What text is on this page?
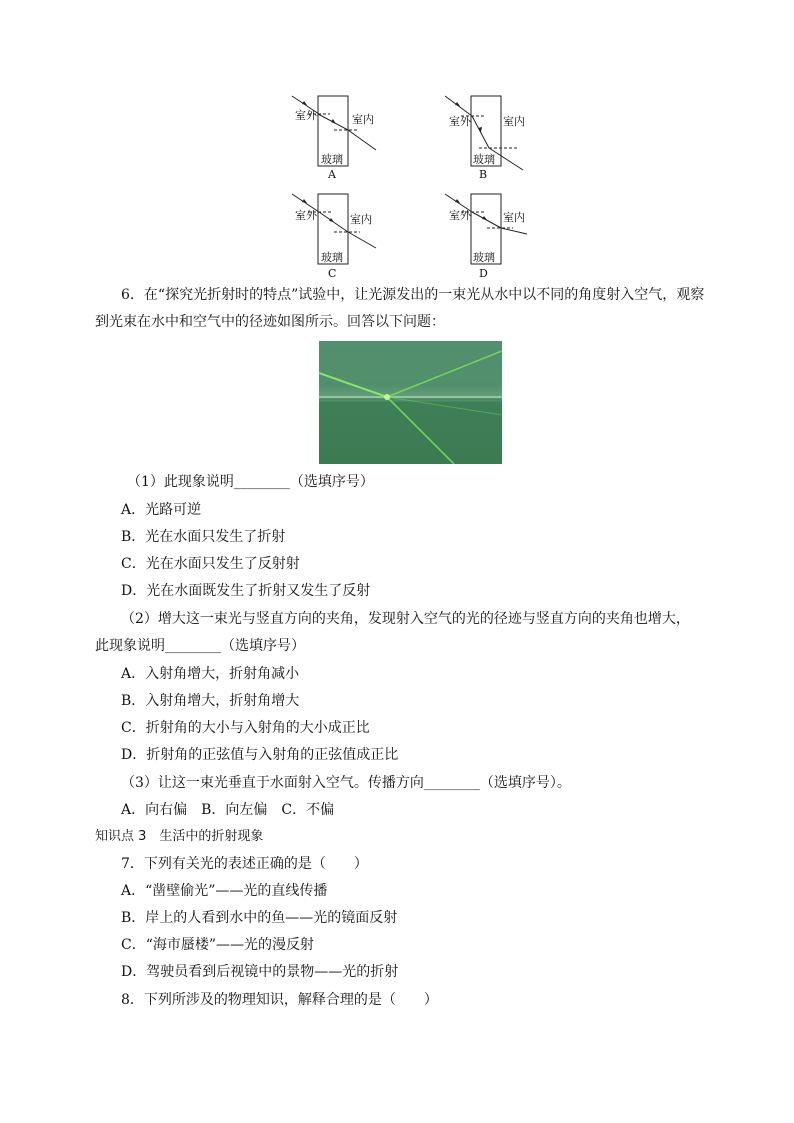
室外	室内
玻璃
A
室外	室内
玻璃
B
室外	室内
玻璃
C
室外	室内
玻璃
D
6．在“探究光折射时的特点”试验中，让光源发出的一束光从水中以不同的角度射入空气，观察
到光束在水中和空气中的径迹如图所示。回答以下问题：
（1）此现象说明________（选填序号）
A．光路可逆
B．光在水面只发生了折射
C．光在水面只发生了反射射
D．光在水面既发生了折射又发生了反射
（2）增大这一束光与竖直方向的夹角，发现射入空气的光的径迹与竖直方向的夹角也增大，
此现象说明________（选填序号）
A．入射角增大，折射角减小
B．入射角增大，折射角增大
C．折射角的大小与入射角的大小成正比
D．折射角的正弦值与入射角的正弦值成正比
（3）让这一束光垂直于水面射入空气。传播方向________（选填序号）。
A．向右偏　B．向左偏　C．不偏
知识点 3　生活中的折射现象
7．下列有关光的表述正确的是（　　）
A．“凿壁偷光”——光的直线传播
B．岸上的人看到水中的鱼——光的镜面反射
C．“海市蜃楼”——光的漫反射
D．驾驶员看到后视镜中的景物——光的折射
8．下列所涉及的物理知识，解释合理的是（　　）
